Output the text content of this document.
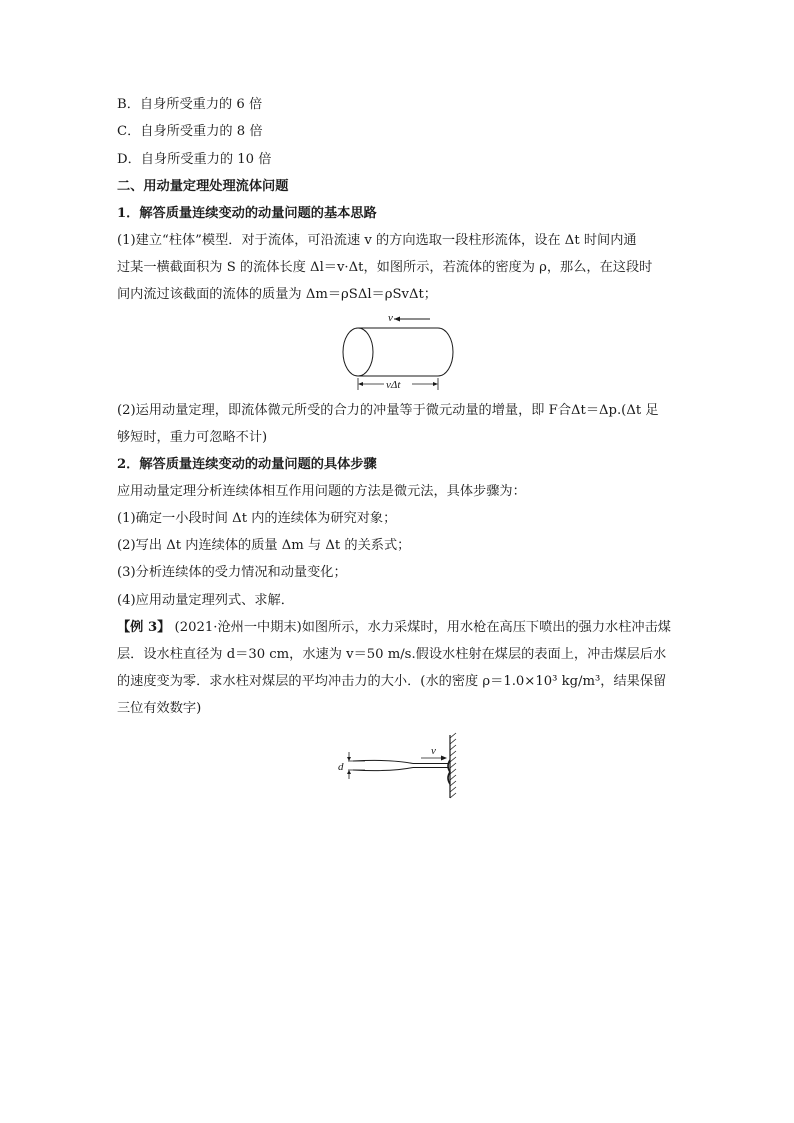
B．自身所受重力的 6 倍
C．自身所受重力的 8 倍
D．自身所受重力的 10 倍
二、用动量定理处理流体问题
1．解答质量连续变动的动量问题的基本思路
(1)建立“柱体”模型．对于流体，可沿流速 v 的方向选取一段柱形流体，设在 Δt 时间内通
过某一横截面积为 S 的流体长度 Δl＝v·Δt，如图所示，若流体的密度为 ρ，那么，在这段时
间内流过该截面的流体的质量为 Δm＝ρSΔl＝ρSvΔt；
v
vΔt
(2)运用动量定理，即流体微元所受的合力的冲量等于微元动量的增量，即 F合Δt＝Δp.(Δt 足
够短时，重力可忽略不计)
2．解答质量连续变动的动量问题的具体步骤
应用动量定理分析连续体相互作用问题的方法是微元法，具体步骤为：
(1)确定一小段时间 Δt 内的连续体为研究对象；
(2)写出 Δt 内连续体的质量 Δm 与 Δt 的关系式；
(3)分析连续体的受力情况和动量变化；
(4)应用动量定理列式、求解．
【例 3】 (2021·沧州一中期末)如图所示，水力采煤时，用水枪在高压下喷出的强力水柱冲击煤
层．设水柱直径为 d＝30 cm，水速为 v＝50 m/s.假设水柱射在煤层的表面上，冲击煤层后水
的速度变为零．求水柱对煤层的平均冲击力的大小．(水的密度 ρ＝1.0×10³ kg/m³，结果保留
三位有效数字)
d
v
